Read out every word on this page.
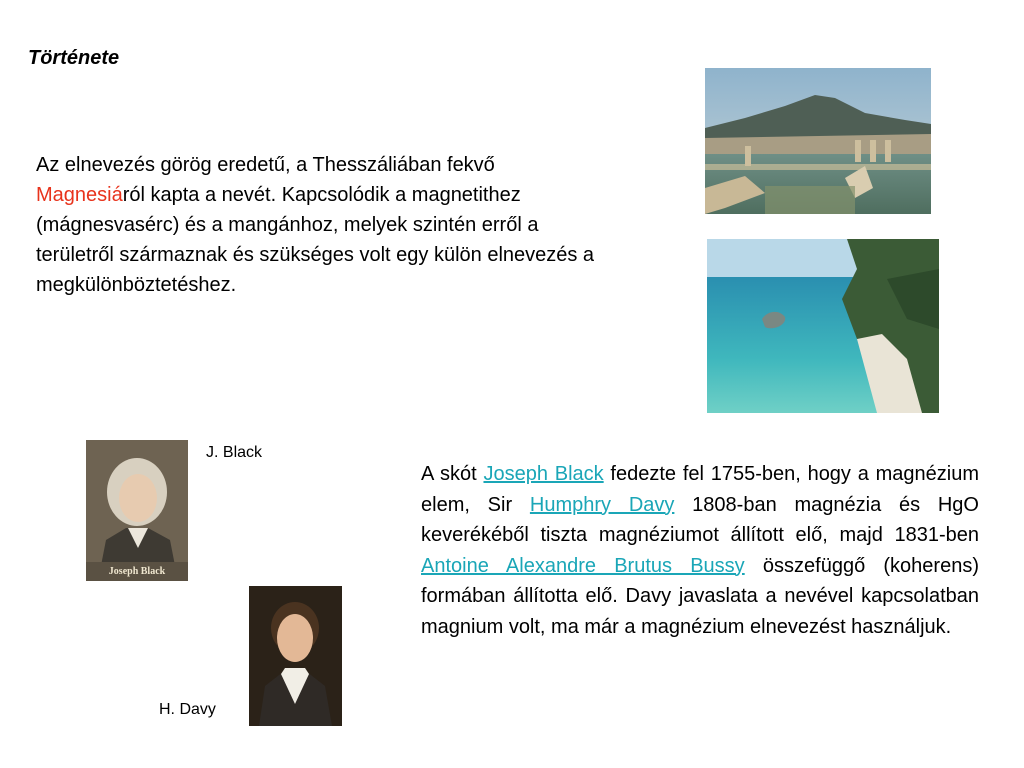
Története
Az elnevezés görög eredetű, a Thesszáliában fekvő Magnesiáról kapta a nevét. Kapcsolódik a magnetithez (mágnesvasérc) és a mangánhoz, melyek szintén erről a területről származnak és szükséges volt egy külön elnevezés a megkülönböztetéshez.
Joseph Black
J. Black
H. Davy
A skót Joseph Black fedezte fel 1755-ben, hogy a magnézium elem, Sir Humphry Davy 1808-ban magnézia és HgO keverékéből tiszta magnéziumot állított elő, majd 1831-ben Antoine Alexandre Brutus Bussy összefüggő (koherens) formában állította elő. Davy javaslata a nevével kapcsolatban magnium volt, ma már a magnézium elnevezést használjuk.
